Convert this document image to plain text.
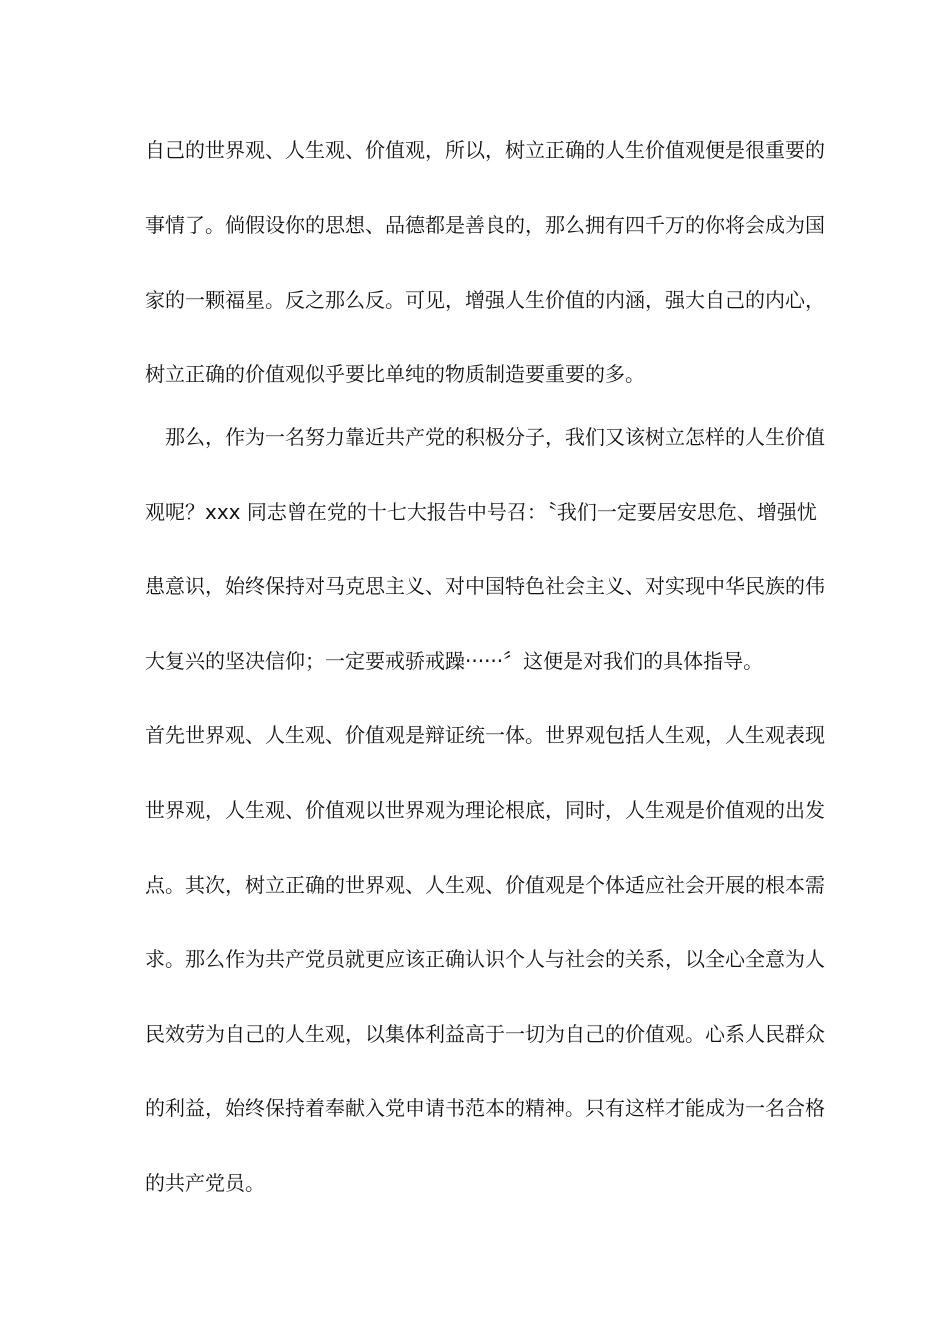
自己的世界观、人生观、价值观，所以，树立正确的人生价值观便是很重要的
事情了。倘假设你的思想、品德都是善良的，那么拥有四千万的你将会成为国
家的一颗福星。反之那么反。可见，增强人生价值的内涵，强大自己的内心，
树立正确的价值观似乎要比单纯的物质制造要重要的多。
那么，作为一名努力靠近共产党的积极分子，我们又该树立怎样的人生价值
观呢？xxx 同志曾在党的十七大报告中号召：〝我们一定要居安思危、增强忧
患意识，始终保持对马克思主义、对中国特色社会主义、对实现中华民族的伟
大复兴的坚决信仰；一定要戒骄戒躁······〞这便是对我们的具体指导。
首先世界观、人生观、价值观是辩证统一体。世界观包括人生观，人生观表现
世界观，人生观、价值观以世界观为理论根底，同时，人生观是价值观的出发
点。其次，树立正确的世界观、人生观、价值观是个体适应社会开展的根本需
求。那么作为共产党员就更应该正确认识个人与社会的关系，以全心全意为人
民效劳为自己的人生观，以集体利益高于一切为自己的价值观。心系人民群众
的利益，始终保持着奉献入党申请书范本的精神。只有这样才能成为一名合格
的共产党员。
